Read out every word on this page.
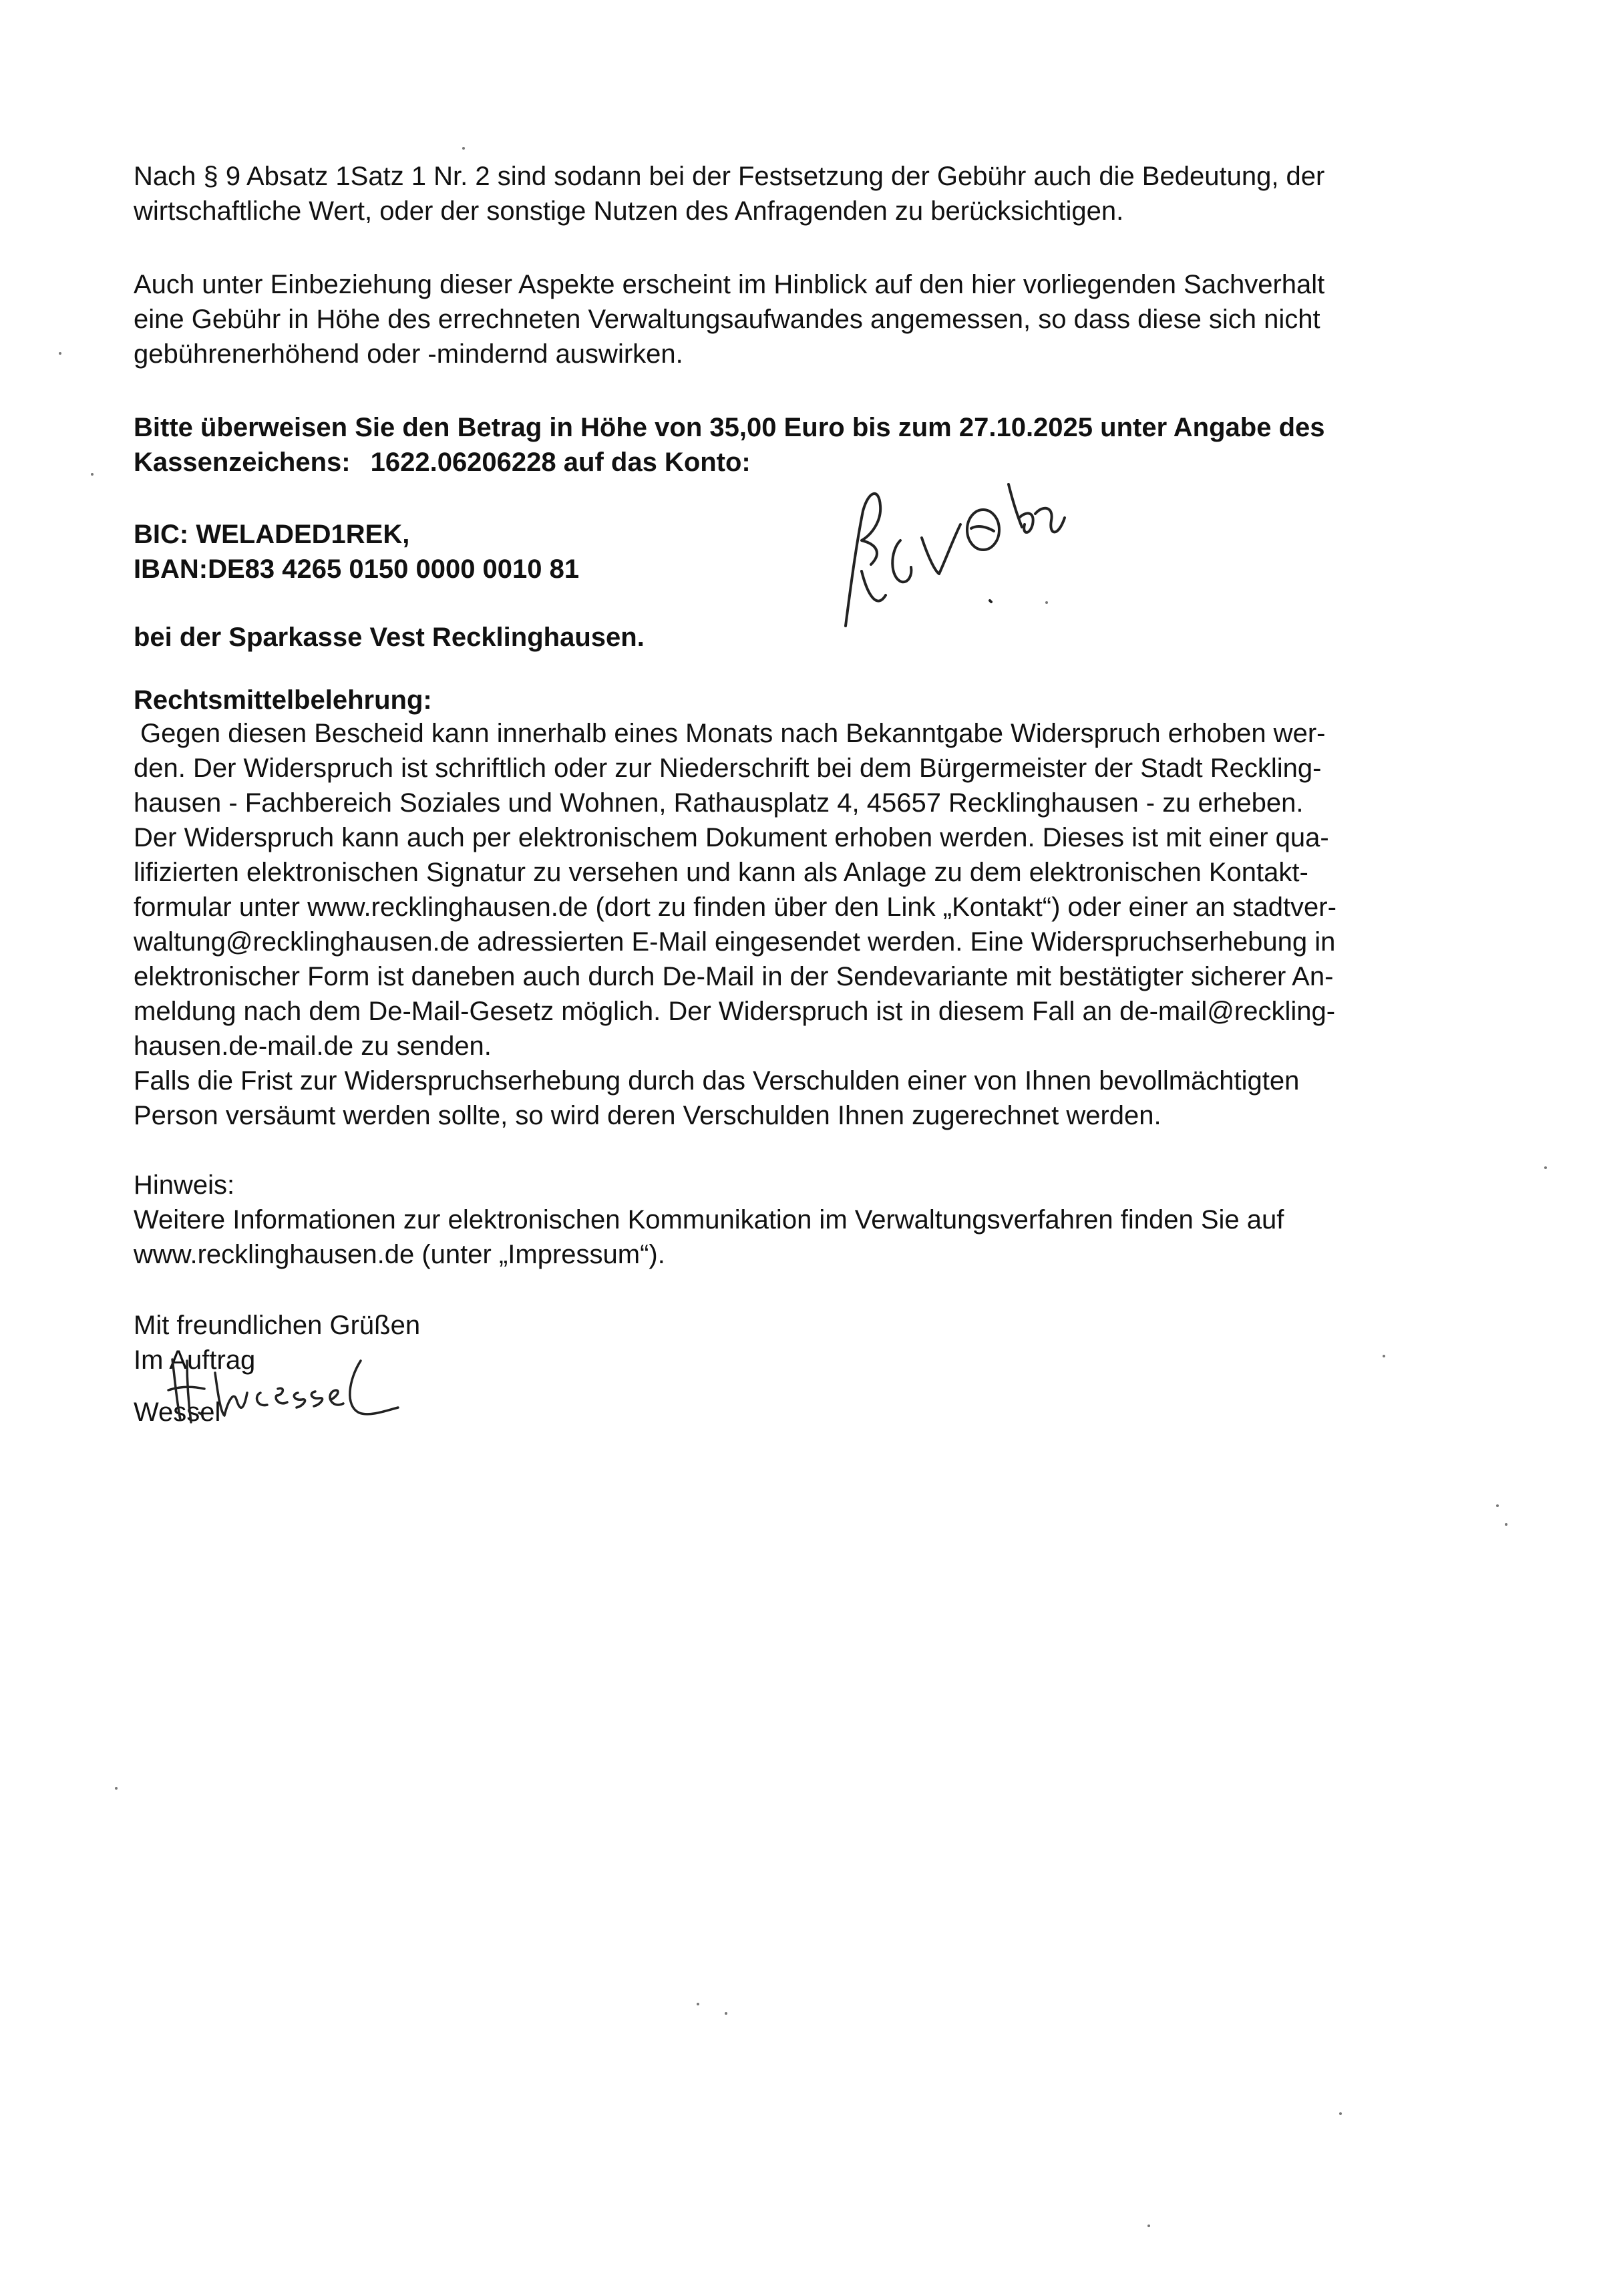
Nach § 9 Absatz 1Satz 1 Nr. 2 sind sodann bei der Festsetzung der Gebühr auch die Bedeutung, der
wirtschaftliche Wert, oder der sonstige Nutzen des Anfragenden zu berücksichtigen.
Auch unter Einbeziehung dieser Aspekte erscheint im Hinblick auf den hier vorliegenden Sachverhalt
eine Gebühr in Höhe des errechneten Verwaltungsaufwandes angemessen, so dass diese sich nicht
gebührenerhöhend oder -mindernd auswirken.
Bitte überweisen Sie den Betrag in Höhe von 35,00 Euro bis zum 27.10.2025 unter Angabe des
Kassenzeichens: 1622.06206228 auf das Konto:
BIC: WELADED1REK,
IBAN:DE83 4265 0150 0000 0010 81
bei der Sparkasse Vest Recklinghausen.
Rechtsmittelbelehrung:
Gegen diesen Bescheid kann innerhalb eines Monats nach Bekanntgabe Widerspruch erhoben wer-
den. Der Widerspruch ist schriftlich oder zur Niederschrift bei dem Bürgermeister der Stadt Reckling-
hausen - Fachbereich Soziales und Wohnen, Rathausplatz 4, 45657 Recklinghausen - zu erheben.
Der Widerspruch kann auch per elektronischem Dokument erhoben werden. Dieses ist mit einer qua-
lifizierten elektronischen Signatur zu versehen und kann als Anlage zu dem elektronischen Kontakt-
formular unter www.recklinghausen.de (dort zu finden über den Link „Kontakt“) oder einer an stadtver-
waltung@recklinghausen.de adressierten E-Mail eingesendet werden. Eine Widerspruchserhebung in
elektronischer Form ist daneben auch durch De-Mail in der Sendevariante mit bestätigter sicherer An-
meldung nach dem De-Mail-Gesetz möglich. Der Widerspruch ist in diesem Fall an de-mail@reckling-
hausen.de-mail.de zu senden.
Falls die Frist zur Widerspruchserhebung durch das Verschulden einer von Ihnen bevollmächtigten
Person versäumt werden sollte, so wird deren Verschulden Ihnen zugerechnet werden.
Hinweis:
Weitere Informationen zur elektronischen Kommunikation im Verwaltungsverfahren finden Sie auf
www.recklinghausen.de (unter „Impressum“).
Mit freundlichen Grüßen
Im Auftrag
Wessel
